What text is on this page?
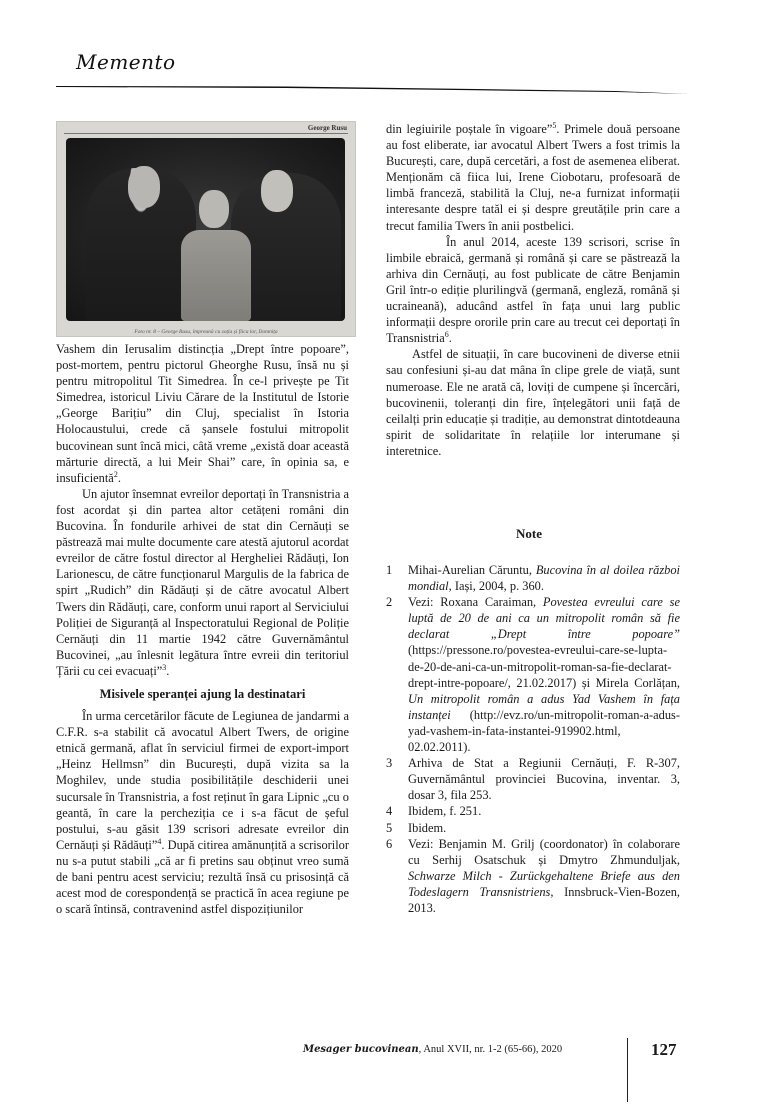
Memento
George Rusu
Foto nr. 8 – George Rusu, împreună cu soția și fiica lor, Domnița

Vashem din Ierusalim distincția „Drept între popoare”, post-mortem, pentru pictorul Gheorghe Rusu, însă nu și pentru mitropolitul Tit Simedrea. În ce-l privește pe Tit Simedrea, istoricul Liviu Cărare de la Institutul de Istorie „George Barițiu” din Cluj, specialist în Istoria Holocaustului, crede că șansele fostului mitropolit bucovinean sunt încă mici, câtă vreme „există doar această mărturie directă, a lui Meir Shai” care, în opinia sa, e insuficientă$^2$.

Un ajutor însemnat evreilor deportați în Transnistria a fost acordat și din partea altor cetățeni români din Bucovina. În fondurile arhivei de stat din Cernăuți se păstrează mai multe documente care atestă ajutorul acordat evreilor de către fostul director al Hergheliei Rădăuți, Ion Larionescu, de către funcționarul Margulis de la fabrica de spirt „Rudich” din Rădăuți și de către avocatul Albert Twers din Rădăuți, care, conform unui raport al Serviciului Poliției de Siguranță al Inspectoratului Regional de Poliție Cernăuți din 11 martie 1942 către Guvernământul Bucovinei, „au înlesnit legătura între evreii din teritoriul Țării cu cei evacuați”$^3$.

Misivele speranței ajung la destinatari

În urma cercetărilor făcute de Legiunea de jandarmi a C.F.R. s-a stabilit că avocatul Albert Twers, de origine etnică germană, aflat în serviciul firmei de export-import „Heinz Hellmsn” din București, după vizita sa la Moghilev, unde studia posibilitățile deschiderii unei sucursale în Transnistria, a fost reținut în gara Lipnic „cu o geantă, în care la percheziția ce i s-a făcut de șeful postului, s-au găsit 139 scrisori adresate evreilor din Cernăuți și Rădăuți”$^4$. După citirea amănunțită a scrisorilor nu s-a putut stabili „că ar fi pretins sau obținut vreo sumă de bani pentru acest serviciu; rezultă însă cu prisosință că acest mod de corespondență se practică în acea regiune pe o scară întinsă, contravenind astfel dispozițiunilor

din legiuirile poștale în vigoare”$^5$. Primele două persoane au fost eliberate, iar avocatul Albert Twers a fost trimis la București, care, după cercetări, a fost de asemenea eliberat. Menționăm că fiica lui, Irene Ciobotaru, profesoară de limbă franceză, stabilită la Cluj, ne-a furnizat informații interesante despre tatăl ei și despre greutățile prin care a trecut familia Twers în anii postbelici.

În anul 2014, aceste 139 scrisori, scrise în limbile ebraică, germană și română și care se păstrează la arhiva din Cernăuți, au fost publicate de către Benjamin Gril într-o ediție plurilingvă (germană, engleză, română și ucraineană), aducând astfel în fața unui larg public informații despre ororile prin care au trecut cei deportați în Transnistria$^6$.

Astfel de situații, în care bucovineni de diverse etnii sau confesiuni și-au dat mâna în clipe grele de viață, sunt numeroase. Ele ne arată că, loviți de cumpene și încercări, bucovinenii, toleranți din fire, înțelegători unii față de ceilalți prin educație și tradiție, au demonstrat dintotdeauna spirit de solidaritate în relațiile lor interumane și interetnice.

Note
1	Mihai-Aurelian Căruntu, Bucovina în al doilea război mondial, Iași, 2004, p. 360.
2	Vezi: Roxana Caraiman, Povestea evreului care se luptă de 20 de ani ca un mitropolit român să fie declarat „Drept între popoare” (https://pressone.ro/povestea-evreului-care-se-lupta-de-20-de-ani-ca-un-mitropolit-roman-sa-fie-declarat-drept-intre-popoare/, 21.02.2017) și Mirela Corlățan, Un mitropolit român a adus Yad Vashem în fața instanței (http://evz.ro/un-mitropolit-roman-a-adus-yad-vashem-in-fata-instantei-919902.html, 02.02.2011).
3	Arhiva de Stat a Regiunii Cernăuți, F. R-307, Guvernământul provinciei Bucovina, inventar. 3, dosar 3, fila 253.
4	Ibidem, f. 251.
5	Ibidem.
6	Vezi: Benjamin M. Grilj (coordonator) în colaborare cu Serhij Osatschuk și Dmytro Zhmunduljak, Schwarze Milch - Zurückgehaltene Briefe aus den Todeslagern Transnistriens, Innsbruck-Vien-Bozen, 2013.
Mesager bucovinean, Anul XVII, nr. 1-2 (65-66), 2020	127
